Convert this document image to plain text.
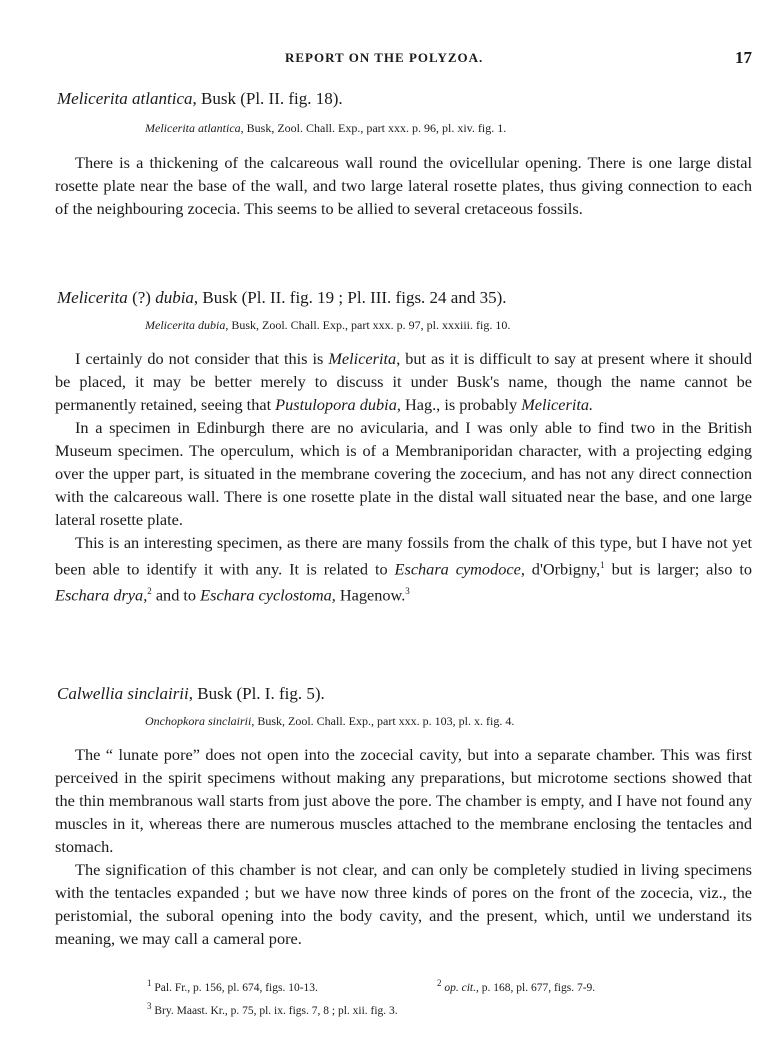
REPORT ON THE POLYZOA.	17
Melicerita atlantica, Busk (Pl. II. fig. 18).
Melicerita atlantica, Busk, Zool. Chall. Exp., part xxx. p. 96, pl. xiv. fig. 1.

There is a thickening of the calcareous wall round the ovicellular opening. There is one large distal rosette plate near the base of the wall, and two large lateral rosette plates, thus giving connection to each of the neighbouring zocecia. This seems to be allied to several cretaceous fossils.

Melicerita (?) dubia, Busk (Pl. II. fig. 19 ; Pl. III. figs. 24 and 35).
Melicerita dubia, Busk, Zool. Chall. Exp., part xxx. p. 97, pl. xxxiii. fig. 10.

I certainly do not consider that this is Melicerita, but as it is difficult to say at present where it should be placed, it may be better merely to discuss it under Busk's name, though the name cannot be permanently retained, seeing that Pustulopora dubia, Hag., is probably Melicerita.

In a specimen in Edinburgh there are no avicularia, and I was only able to find two in the British Museum specimen. The operculum, which is of a Membraniporidan character, with a projecting edging over the upper part, is situated in the membrane covering the zocecium, and has not any direct connection with the calcareous wall. There is one rosette plate in the distal wall situated near the base, and one large lateral rosette plate.

This is an interesting specimen, as there are many fossils from the chalk of this type, but I have not yet been able to identify it with any. It is related to Eschara cymodoce, d'Orbigny,$^1$ but is larger; also to Eschara drya,$^2$ and to Eschara cyclostoma, Hagenow.$^3$

Calwellia sinclairii, Busk (Pl. I. fig. 5).
Onchopkora sinclairii, Busk, Zool. Chall. Exp., part xxx. p. 103, pl. x. fig. 4.

The “ lunate pore” does not open into the zocecial cavity, but into a separate chamber. This was first perceived in the spirit specimens without making any preparations, but microtome sections showed that the thin membranous wall starts from just above the pore. The chamber is empty, and I have not found any muscles in it, whereas there are numerous muscles attached to the membrane enclosing the tentacles and stomach.

The signification of this chamber is not clear, and can only be completely studied in living specimens with the tentacles expanded ; but we have now three kinds of pores on the front of the zocecia, viz., the peristomial, the suboral opening into the body cavity, and the present, which, until we understand its meaning, we may call a cameral pore.

$^1$ Pal. Fr., p. 156, pl. 674, figs. 10-13.	$^2$ op. cit., p. 168, pl. 677, figs. 7-9.
$^3$ Bry. Maast. Kr., p. 75, pl. ix. figs. 7, 8 ; pl. xii. fig. 3.
